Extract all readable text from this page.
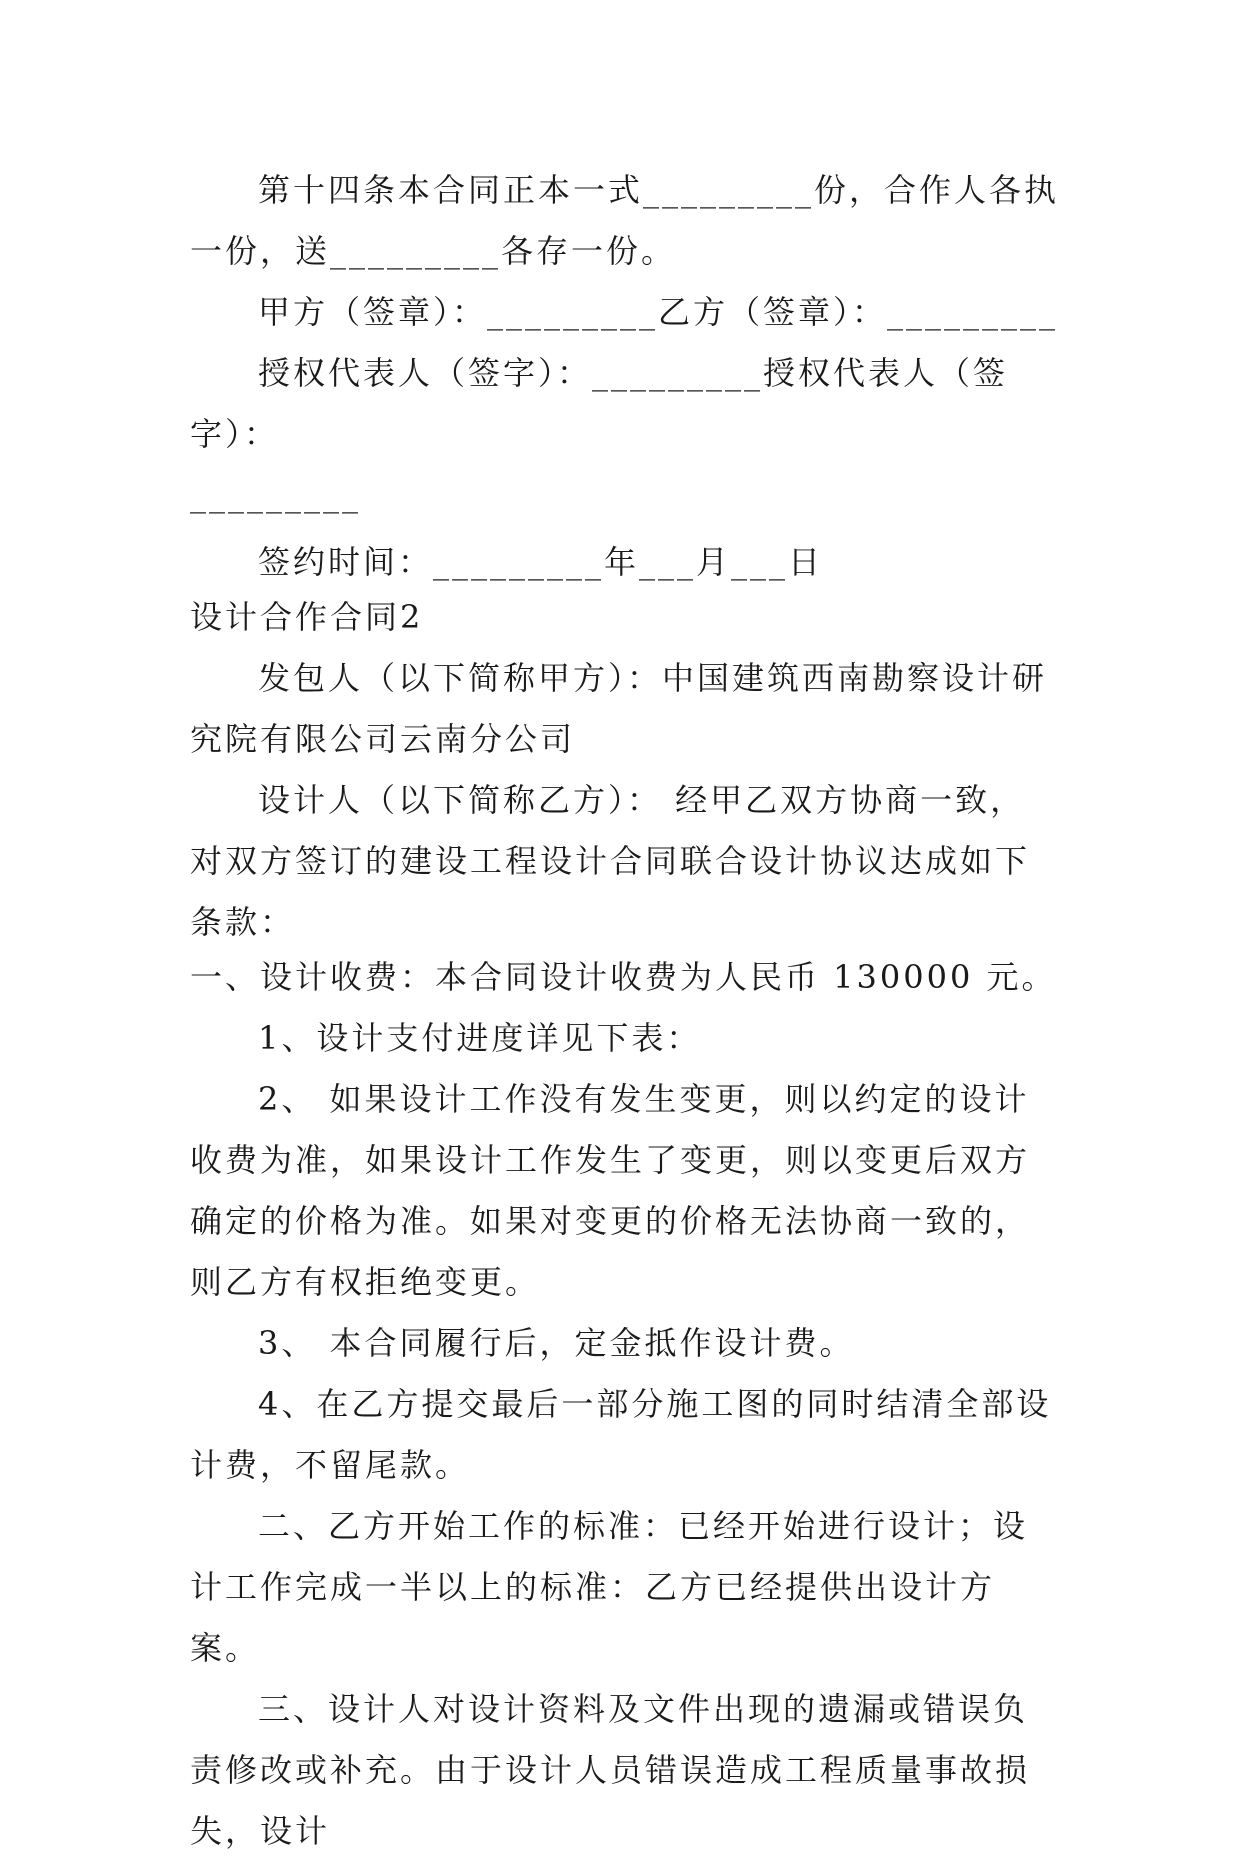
第十四条本合同正本一式_________份，合作人各执一份，送_________各存一份。

甲方（签章）：_________乙方（签章）：_________

授权代表人（签字）：_________授权代表人（签字）：

_________

签约时间：_________年___月___日

设计合作合同2

发包人（以下简称甲方）：中国建筑西南勘察设计研究院有限公司云南分公司

设计人（以下简称乙方）： 经甲乙双方协商一致，对双方签订的建设工程设计合同联合设计协议达成如下条款：

一、设计收费：本合同设计收费为人民币 130000 元。

1、设计支付进度详见下表：

2、 如果设计工作没有发生变更，则以约定的设计收费为准，如果设计工作发生了变更，则以变更后双方确定的价格为准。如果对变更的价格无法协商一致的，则乙方有权拒绝变更。

3、 本合同履行后，定金抵作设计费。

4、在乙方提交最后一部分施工图的同时结清全部设计费，不留尾款。

二、乙方开始工作的标准：已经开始进行设计；设计工作完成一半以上的标准：乙方已经提供出设计方案。

三、设计人对设计资料及文件出现的遗漏或错误负责修改或补充。由于设计人员错误造成工程质量事故损失，设计
